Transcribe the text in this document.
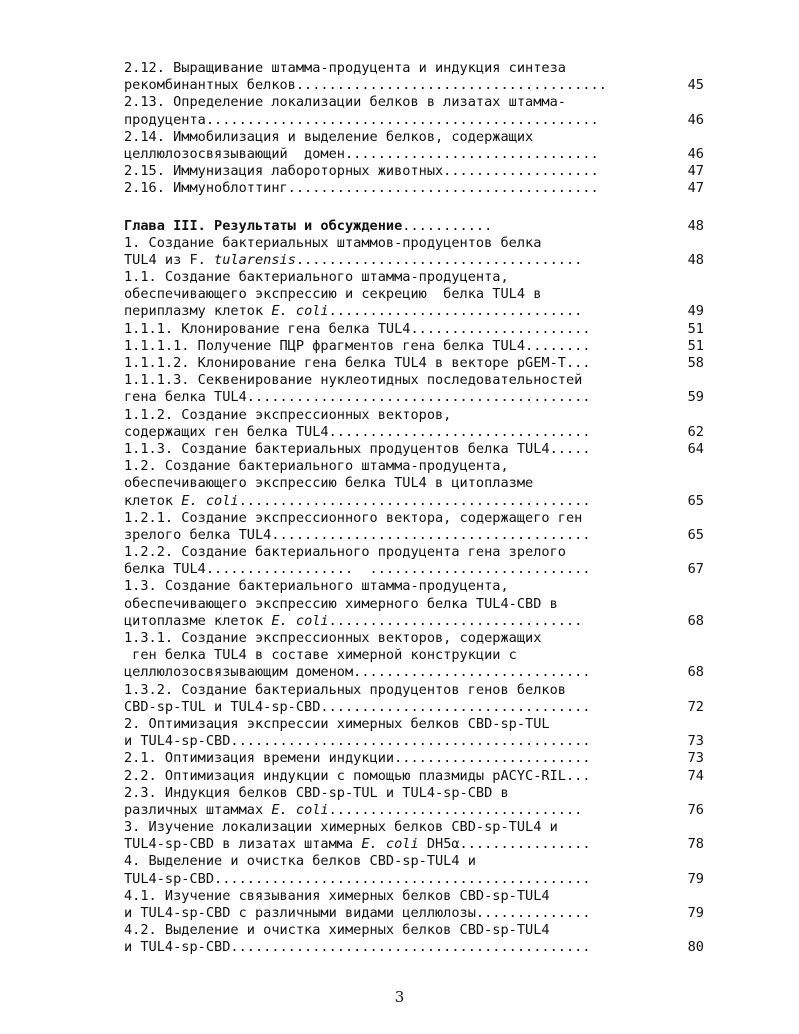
2.12. Выращивание штамма-продуцента и индукция синтеза
рекомбинантных белков......................................	45
2.13. Определение локализации белков в лизатах штамма-
продуцента................................................	46
2.14. Иммобилизация и выделение белков, содержащих
целлюлозосвязывающий  домен...............................	46
2.15. Иммунизация лабороторных животных...................	47
2.16. Иммуноблоттинг......................................	47
Глава III. Результаты и обсуждение...........	48
1. Создание бактериальных штаммов-продуцентов белка
TUL4 из F. tularensis...................................	48
1.1. Создание бактериального штамма-продуцента,
обеспечивающего экспрессию и секрецию  белка TUL4 в
периплазму клеток E. coli...............................	49
1.1.1. Клонирование гена белка TUL4......................	51
1.1.1.1. Получение ПЦР фрагментов гена белка TUL4........	51
1.1.1.2. Клонирование гена белка TUL4 в векторе pGEM-T...	58
1.1.1.3. Секвенирование нуклеотидных последовательностей
гена белка TUL4..........................................	59
1.1.2. Создание экспрессионных векторов,
содержащих ген белка TUL4................................	62
1.1.3. Создание бактериальных продуцентов белка TUL4.....	64
1.2. Создание бактериального штамма-продуцента,
обеспечивающего экспрессию белка TUL4 в цитоплазме
клеток E. coli...........................................	65
1.2.1. Создание экспрессионного вектора, содержащего ген
зрелого белка TUL4.......................................	65
1.2.2. Создание бактериального продуцента гена зрелого
белка TUL4..................  ...........................	67
1.3. Создание бактериального штамма-продуцента,
обеспечивающего экспрессию химерного белка TUL4-CBD в
цитоплазме клеток E. coli...............................	68
1.3.1. Создание экспрессионных векторов, содержащих
ген белка TUL4 в составе химерной конструкции с
целлюлозосвязывающим доменом.............................	68
1.3.2. Создание бактериальных продуцентов генов белков
CBD-sp-TUL и TUL4-sp-CBD.................................	72
2. Оптимизация экспрессии химерных белков CBD-sp-TUL
и TUL4-sp-CBD............................................	73
2.1. Оптимизация времени индукции........................	73
2.2. Оптимизация индукции с помощью плазмиды pACYC-RIL...	74
2.3. Индукция белков CBD-sp-TUL и TUL4-sp-CBD в
различных штаммах E. coli...............................	76
3. Изучение локализации химерных белков CBD-sp-TUL4 и
TUL4-sp-CBD в лизатах штамма E. coli DH5α................	78
4. Выделение и очистка белков CBD-sp-TUL4 и
TUL4-sp-CBD..............................................	79
4.1. Изучение связывания химерных белков CBD-sp-TUL4
и TUL4-sp-CBD с различными видами целлюлозы..............	79
4.2. Выделение и очистка химерных белков CBD-sp-TUL4
и TUL4-sp-CBD............................................	80
3
